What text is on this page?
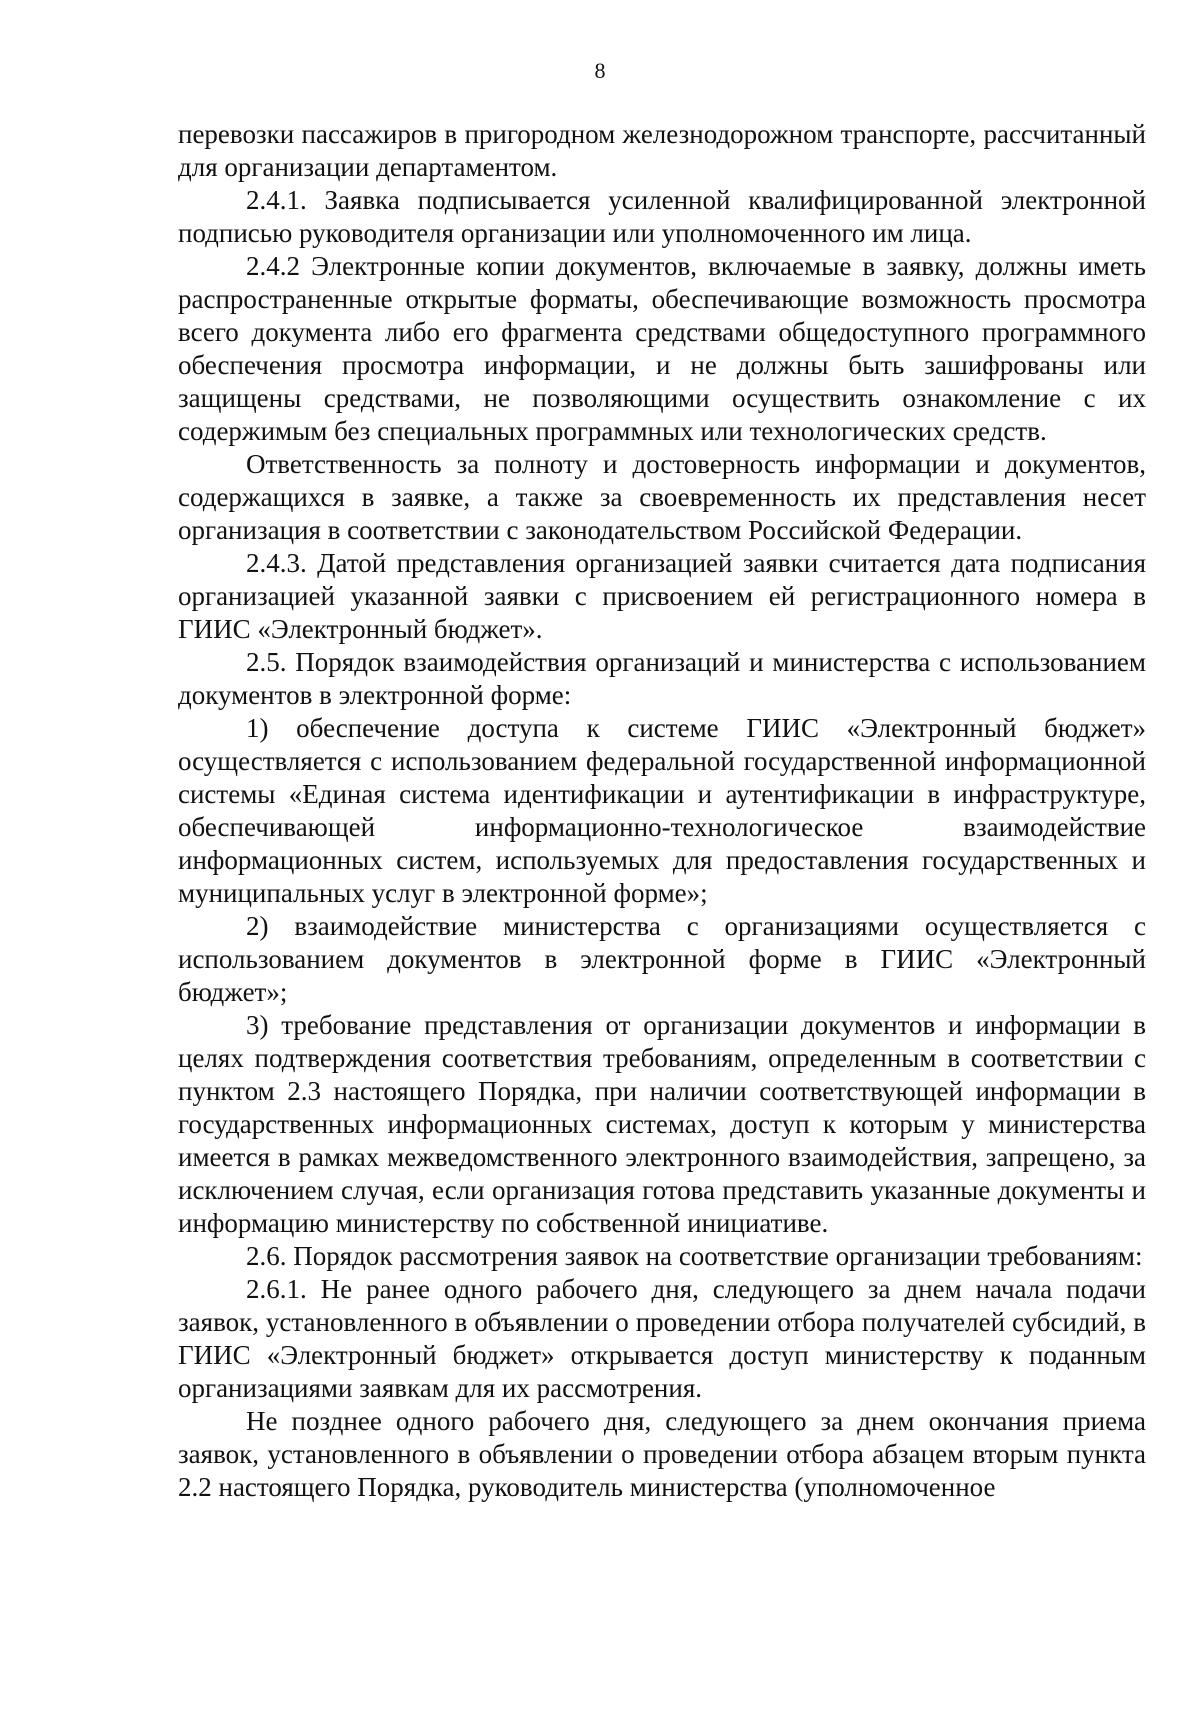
8

перевозки пассажиров в пригородном железнодорожном транспорте, рассчитанный для организации департаментом.

2.4.1. Заявка подписывается усиленной квалифицированной электронной подписью руководителя организации или уполномоченного им лица.

2.4.2 Электронные копии документов, включаемые в заявку, должны иметь распространенные открытые форматы, обеспечивающие возможность просмотра всего документа либо его фрагмента средствами общедоступного программного обеспечения просмотра информации, и не должны быть зашифрованы или защищены средствами, не позволяющими осуществить ознакомление с их содержимым без специальных программных или технологических средств.

Ответственность за полноту и достоверность информации и документов, содержащихся в заявке, а также за своевременность их представления несет организация в соответствии с законодательством Российской Федерации.

2.4.3. Датой представления организацией заявки считается дата подписания организацией указанной заявки с присвоением ей регистрационного номера в ГИИС «Электронный бюджет».

2.5. Порядок взаимодействия организаций и министерства с использованием документов в электронной форме:

1) обеспечение доступа к системе ГИИС «Электронный бюджет» осуществляется с использованием федеральной государственной информационной системы «Единая система идентификации и аутентификации в инфраструктуре, обеспечивающей информационно-технологическое взаимодействие информационных систем, используемых для предоставления государственных и муниципальных услуг в электронной форме»;

2) взаимодействие министерства с организациями осуществляется с использованием документов в электронной форме в ГИИС «Электронный бюджет»;

3) требование представления от организации документов и информации в целях подтверждения соответствия требованиям, определенным в соответствии с пунктом 2.3 настоящего Порядка, при наличии соответствующей информации в государственных информационных системах, доступ к которым у министерства имеется в рамках межведомственного электронного взаимодействия, запрещено, за исключением случая, если организация готова представить указанные документы и информацию министерству по собственной инициативе.

2.6. Порядок рассмотрения заявок на соответствие организации требованиям:

2.6.1. Не ранее одного рабочего дня, следующего за днем начала подачи заявок, установленного в объявлении о проведении отбора получателей субсидий, в ГИИС «Электронный бюджет» открывается доступ министерству к поданным организациями заявкам для их рассмотрения.

Не позднее одного рабочего дня, следующего за днем окончания приема заявок, установленного в объявлении о проведении отбора абзацем вторым пункта 2.2 настоящего Порядка, руководитель министерства (уполномоченное
